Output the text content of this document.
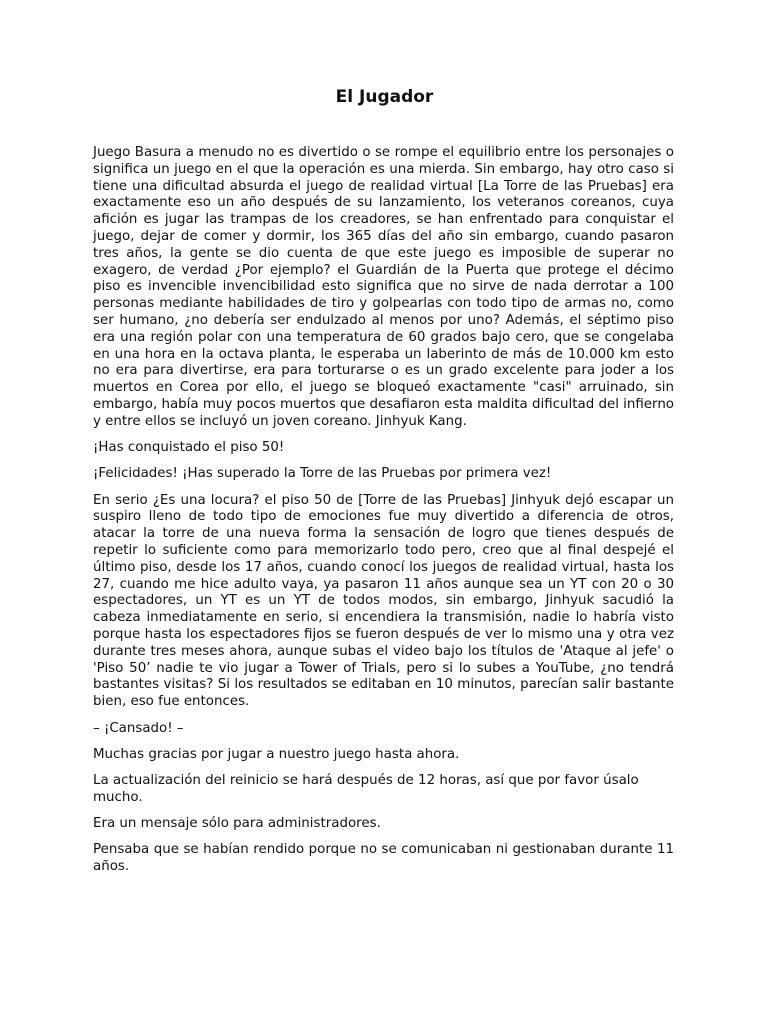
El Jugador

Juego Basura a menudo no es divertido o se rompe el equilibrio entre los personajes o significa un juego en el que la operación es una mierda. Sin embargo, hay otro caso si tiene una dificultad absurda el juego de realidad virtual [La Torre de las Pruebas] era exactamente eso un año después de su lanzamiento, los veteranos coreanos, cuya afición es jugar las trampas de los creadores, se han enfrentado para conquistar el juego, dejar de comer y dormir, los 365 días del año sin embargo, cuando pasaron tres años, la gente se dio cuenta de que este juego es imposible de superar no exagero, de verdad ¿Por ejemplo? el Guardián de la Puerta que protege el décimo piso es invencible invencibilidad esto significa que no sirve de nada derrotar a 100 personas mediante habilidades de tiro y golpearlas con todo tipo de armas no, como ser humano, ¿no debería ser endulzado al menos por uno? Además, el séptimo piso era una región polar con una temperatura de 60 grados bajo cero, que se congelaba en una hora en la octava planta, le esperaba un laberinto de más de 10.000 km esto no era para divertirse, era para torturarse o es un grado excelente para joder a los muertos en Corea por ello, el juego se bloqueó exactamente "casi" arruinado, sin embargo, había muy pocos muertos que desafiaron esta maldita dificultad del infierno y entre ellos se incluyó un joven coreano. Jinhyuk Kang.

¡Has conquistado el piso 50!

¡Felicidades! ¡Has superado la Torre de las Pruebas por primera vez!

En serio ¿Es una locura? el piso 50 de [Torre de las Pruebas] Jinhyuk dejó escapar un suspiro lleno de todo tipo de emociones fue muy divertido a diferencia de otros, atacar la torre de una nueva forma la sensación de logro que tienes después de repetir lo suficiente como para memorizarlo todo pero, creo que al final despejé el último piso, desde los 17 años, cuando conocí los juegos de realidad virtual, hasta los 27, cuando me hice adulto vaya, ya pasaron 11 años aunque sea un YT con 20 o 30 espectadores, un YT es un YT de todos modos, sin embargo, Jinhyuk sacudió la cabeza inmediatamente en serio, si encendiera la transmisión, nadie lo habría visto porque hasta los espectadores fijos se fueron después de ver lo mismo una y otra vez durante tres meses ahora, aunque subas el video bajo los títulos de 'Ataque al jefe' o 'Piso 50’ nadie te vio jugar a Tower of Trials, pero si lo subes a YouTube, ¿no tendrá bastantes visitas? Si los resultados se editaban en 10 minutos, parecían salir bastante bien, eso fue entonces.

– ¡Cansado! –

Muchas gracias por jugar a nuestro juego hasta ahora.

La actualización del reinicio se hará después de 12 horas, así que por favor úsalo mucho.

Era un mensaje sólo para administradores.

Pensaba que se habían rendido porque no se comunicaban ni gestionaban durante 11 años.
